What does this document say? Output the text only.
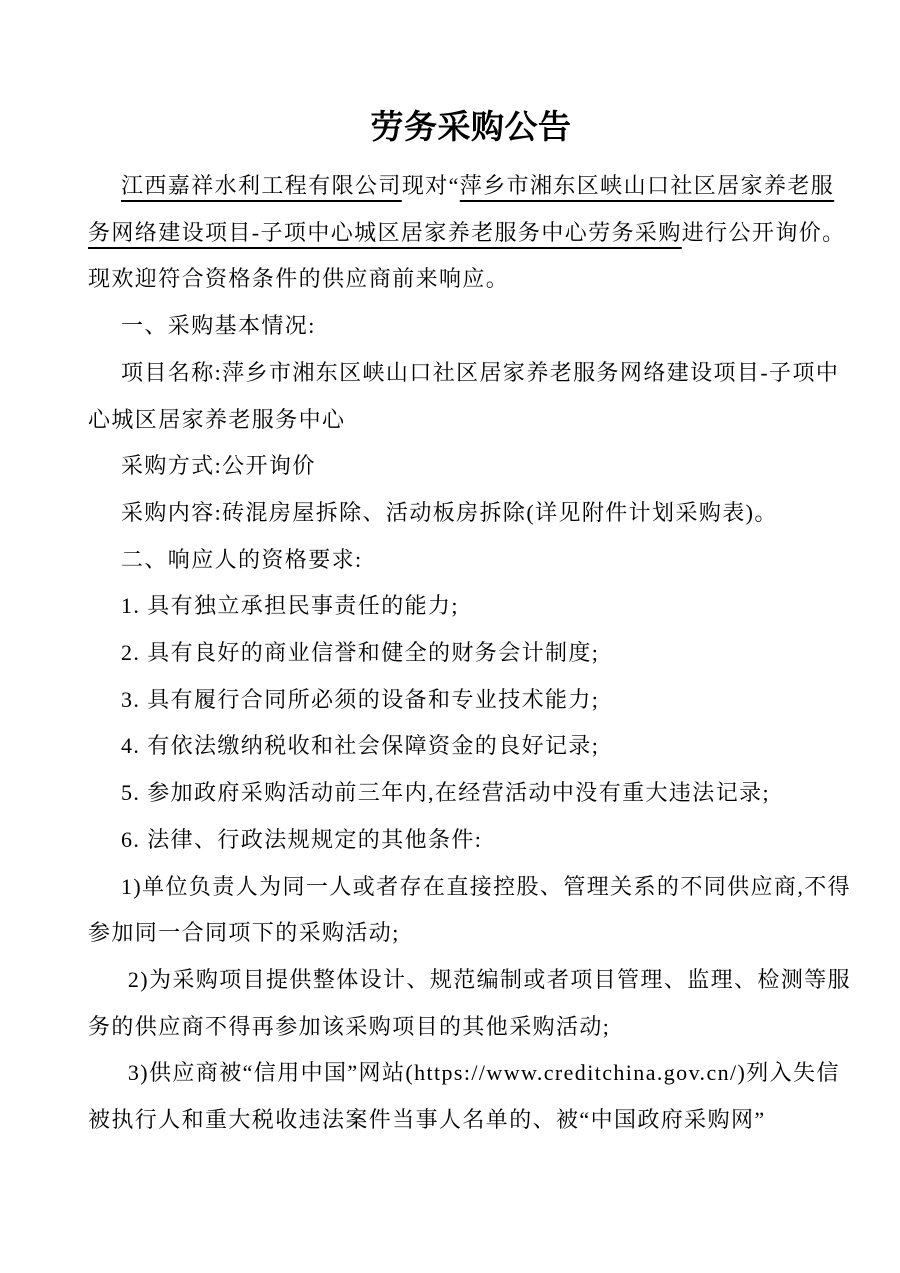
劳务采购公告

江西嘉祥水利工程有限公司现对“萍乡市湘东区峡山口社区居家养老服务网络建设项目-子项中心城区居家养老服务中心劳务采购进行公开询价。现欢迎符合资格条件的供应商前来响应。

一、采购基本情况:

项目名称:萍乡市湘东区峡山口社区居家养老服务网络建设项目-子项中心城区居家养老服务中心

采购方式:公开询价

采购内容:砖混房屋拆除、活动板房拆除(详见附件计划采购表)。

二、响应人的资格要求:

1. 具有独立承担民事责任的能力;

2. 具有良好的商业信誉和健全的财务会计制度;

3. 具有履行合同所必须的设备和专业技术能力;

4. 有依法缴纳税收和社会保障资金的良好记录;

5. 参加政府采购活动前三年内,在经营活动中没有重大违法记录;

6. 法律、行政法规规定的其他条件:

1)单位负责人为同一人或者存在直接控股、管理关系的不同供应商,不得参加同一合同项下的采购活动;

2)为采购项目提供整体设计、规范编制或者项目管理、监理、检测等服务的供应商不得再参加该采购项目的其他采购活动;

3)供应商被“信用中国”网站(https://www.creditchina.gov.cn/)列入失信被执行人和重大税收违法案件当事人名单的、被“中国政府采购网”
